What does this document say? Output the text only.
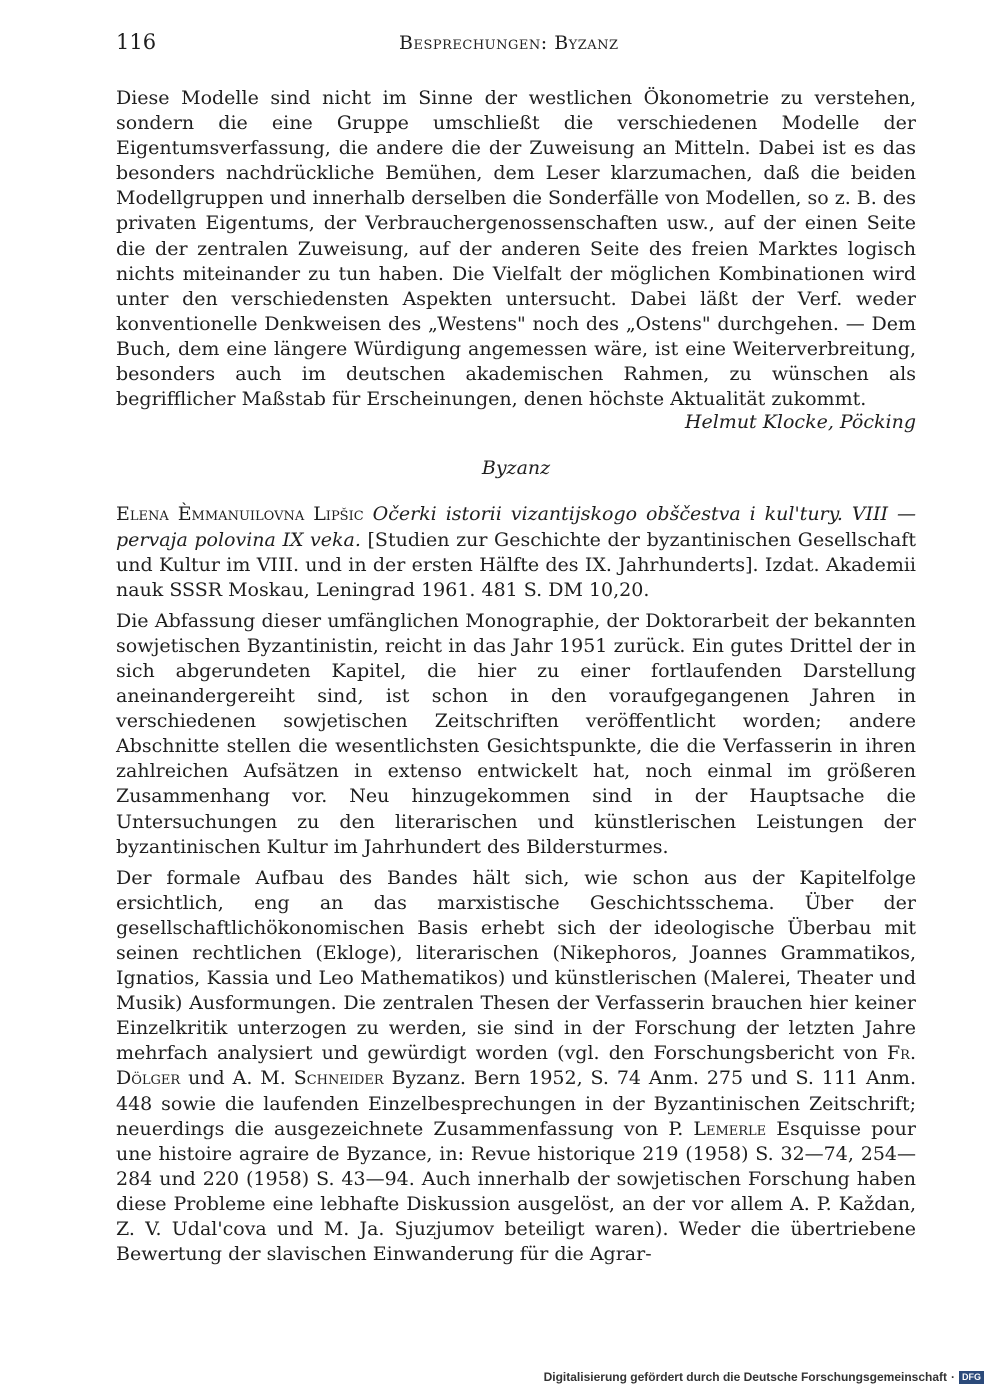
116	Besprechungen: Byzanz

Diese Modelle sind nicht im Sinne der westlichen Ökonometrie zu verstehen, sondern die eine Gruppe umschließt die verschiedenen Modelle der Eigentumsverfassung, die andere die der Zuweisung an Mitteln. Dabei ist es das besonders nachdrückliche Bemühen, dem Leser klarzumachen, daß die beiden Modellgruppen und innerhalb derselben die Sonderfälle von Modellen, so z. B. des privaten Eigentums, der Verbrauchergenossenschaften usw., auf der einen Seite die der zentralen Zuweisung, auf der anderen Seite des freien Marktes logisch nichts miteinander zu tun haben. Die Vielfalt der möglichen Kombinationen wird unter den verschiedensten Aspekten untersucht. Dabei läßt der Verf. weder konventionelle Denkweisen des „Westens" noch des „Ostens" durchgehen. — Dem Buch, dem eine längere Würdigung angemessen wäre, ist eine Weiterverbreitung, besonders auch im deutschen akademischen Rahmen, zu wünschen als begrifflicher Maßstab für Erscheinungen, denen höchste Aktualität zukommt.

Helmut Klocke, Pöcking
Byzanz

Elena Èmmanuilovna Lipšic Očerki istorii vizantijskogo obščestva i kul'tury. VIII — pervaja polovina IX veka. [Studien zur Geschichte der byzantinischen Gesellschaft und Kultur im VIII. und in der ersten Hälfte des IX. Jahrhunderts]. Izdat. Akademii nauk SSSR Moskau, Leningrad 1961. 481 S. DM 10,20.

Die Abfassung dieser umfänglichen Monographie, der Doktorarbeit der bekannten sowjetischen Byzantinistin, reicht in das Jahr 1951 zurück. Ein gutes Drittel der in sich abgerundeten Kapitel, die hier zu einer fortlaufenden Darstellung aneinandergereiht sind, ist schon in den voraufgegangenen Jahren in verschiedenen sowjetischen Zeitschriften veröffentlicht worden; andere Abschnitte stellen die wesentlichsten Gesichtspunkte, die die Verfasserin in ihren zahlreichen Aufsätzen in extenso entwickelt hat, noch einmal im größeren Zusammenhang vor. Neu hinzugekommen sind in der Hauptsache die Untersuchungen zu den literarischen und künstlerischen Leistungen der byzantinischen Kultur im Jahrhundert des Bildersturmes.

Der formale Aufbau des Bandes hält sich, wie schon aus der Kapitelfolge ersichtlich, eng an das marxistische Geschichtsschema. Über der gesellschaftlichökonomischen Basis erhebt sich der ideologische Überbau mit seinen rechtlichen (Ekloge), literarischen (Nikephoros, Joannes Grammatikos, Ignatios, Kassia und Leo Mathematikos) und künstlerischen (Malerei, Theater und Musik) Ausformungen. Die zentralen Thesen der Verfasserin brauchen hier keiner Einzelkritik unterzogen zu werden, sie sind in der Forschung der letzten Jahre mehrfach analysiert und gewürdigt worden (vgl. den Forschungsbericht von Fr. Dölger und A. M. Schneider Byzanz. Bern 1952, S. 74 Anm. 275 und S. 111 Anm. 448 sowie die laufenden Einzelbesprechungen in der Byzantinischen Zeitschrift; neuerdings die ausgezeichnete Zusammenfassung von P. Lemerle Esquisse pour une histoire agraire de Byzance, in: Revue historique 219 (1958) S. 32—74, 254—284 und 220 (1958) S. 43—94. Auch innerhalb der sowjetischen Forschung haben diese Probleme eine lebhafte Diskussion ausgelöst, an der vor allem A. P. Každan, Z. V. Udal'cova und M. Ja. Sjuzjumov beteiligt waren). Weder die übertriebene Bewertung der slavischen Einwanderung für die Agrar-

Digitalisierung gefördert durch die Deutsche Forschungsgemeinschaft · DFG
